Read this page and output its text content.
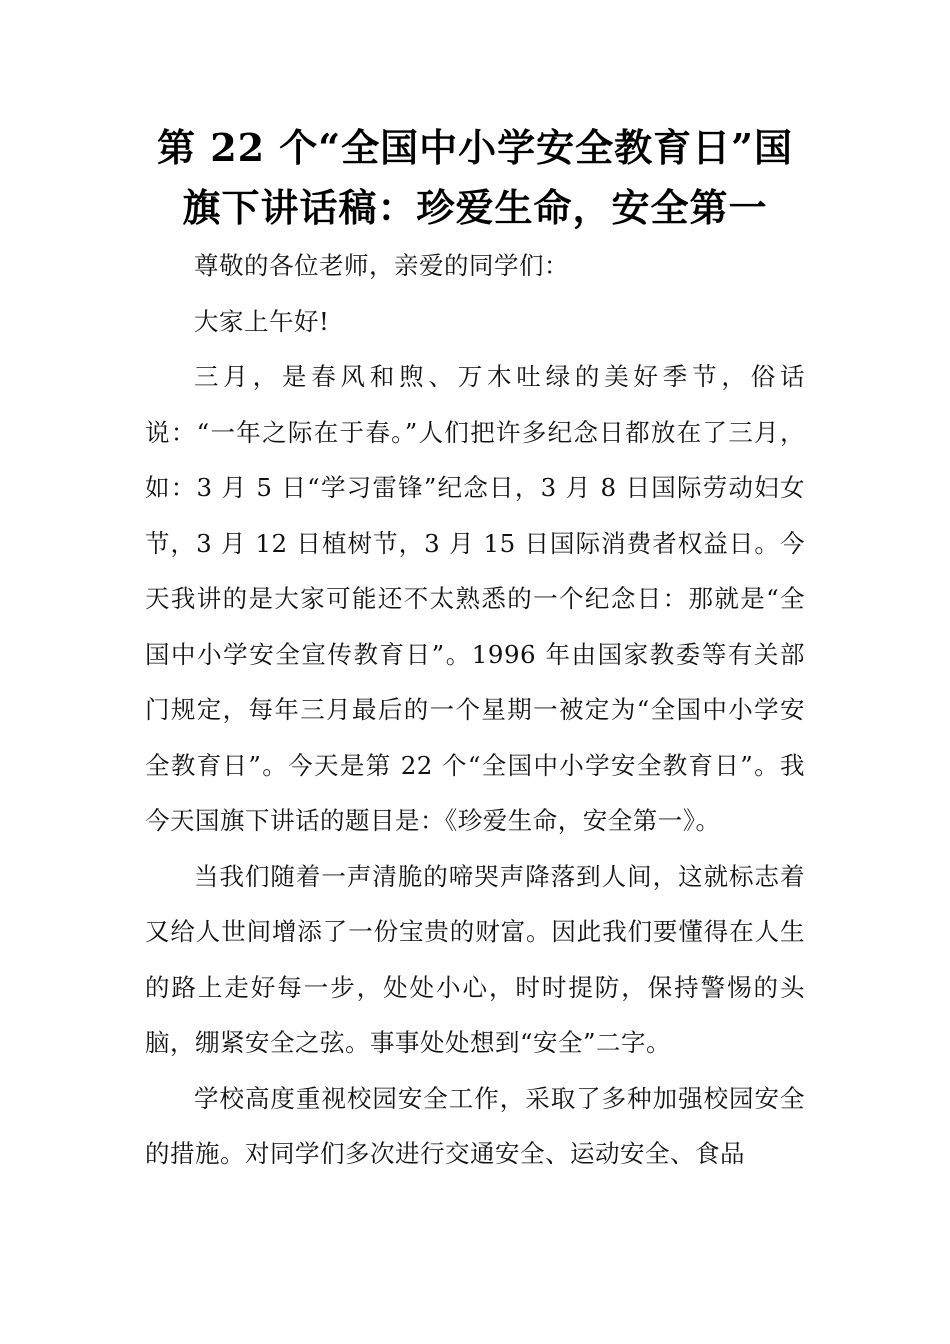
第 22 个“全国中小学安全教育日”国
旗下讲话稿：珍爱生命，安全第一

尊敬的各位老师，亲爱的同学们：

大家上午好!

三月，是春风和煦、万木吐绿的美好季节，俗话说：“一年之际在于春。”人们把许多纪念日都放在了三月，如：3 月 5 日“学习雷锋”纪念日，3 月 8 日国际劳动妇女节，3 月 12 日植树节，3 月 15 日国际消费者权益日。今天我讲的是大家可能还不太熟悉的一个纪念日：那就是“全国中小学安全宣传教育日”。1996 年由国家教委等有关部门规定，每年三月最后的一个星期一被定为“全国中小学安全教育日”。今天是第 22 个“全国中小学安全教育日”。我今天国旗下讲话的题目是：《珍爱生命，安全第一》。

当我们随着一声清脆的啼哭声降落到人间，这就标志着又给人世间增添了一份宝贵的财富。因此我们要懂得在人生的路上走好每一步，处处小心，时时提防，保持警惕的头脑，绷紧安全之弦。事事处处想到“安全”二字。

学校高度重视校园安全工作，采取了多种加强校园安全的措施。对同学们多次进行交通安全、运动安全、食品
